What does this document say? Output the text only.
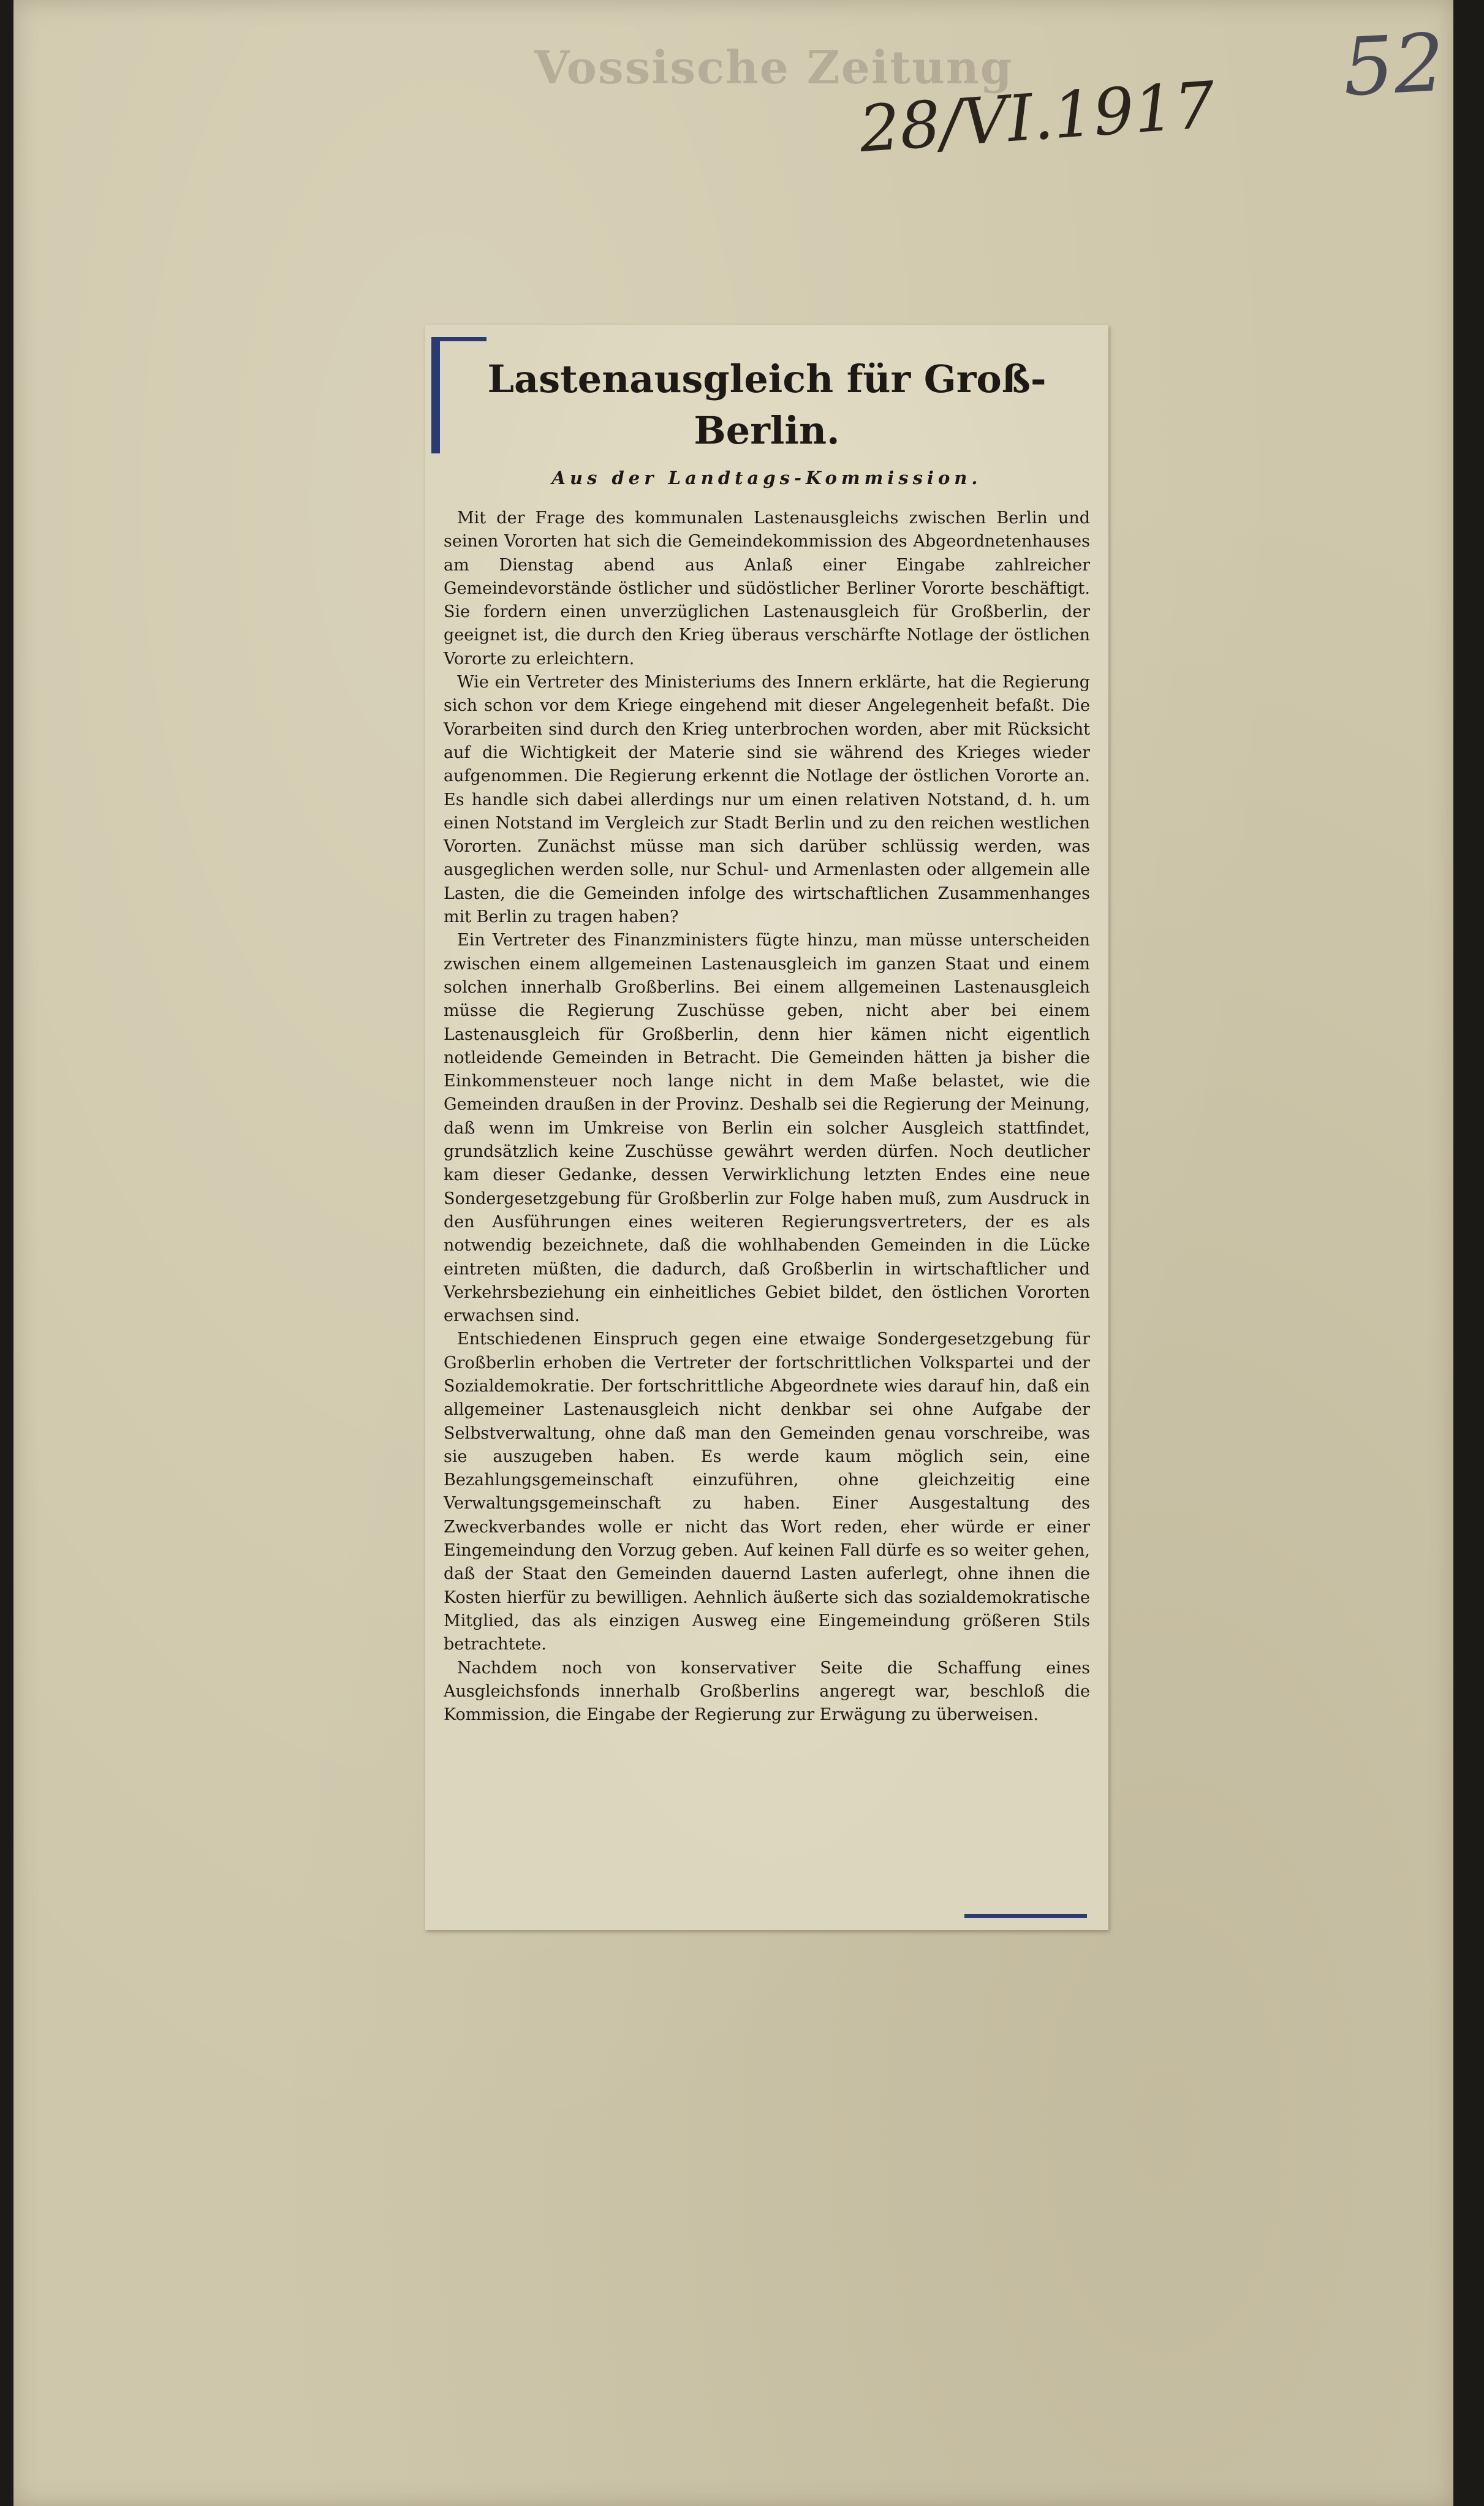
Vossische Zeitung
28/VI.1917
52
Lastenausgleich für Groß-Berlin.
Aus der Landtags-Kommission.

Mit der Frage des kommunalen Lastenausgleichs zwischen Berlin und seinen Vororten hat sich die Gemeindekommission des Abgeordnetenhauses am Dienstag abend aus Anlaß einer Eingabe zahlreicher Gemeindevorstände östlicher und südöstlicher Berliner Vororte beschäftigt. Sie fordern einen unverzüglichen Lastenausgleich für Großberlin, der geeignet ist, die durch den Krieg überaus verschärfte Notlage der östlichen Vororte zu erleichtern.

Wie ein Vertreter des Ministeriums des Innern erklärte, hat die Regierung sich schon vor dem Kriege eingehend mit dieser Angelegenheit befaßt. Die Vorarbeiten sind durch den Krieg unterbrochen worden, aber mit Rücksicht auf die Wichtigkeit der Materie sind sie während des Krieges wieder aufgenommen. Die Regierung erkennt die Notlage der östlichen Vororte an. Es handle sich dabei allerdings nur um einen relativen Notstand, d. h. um einen Notstand im Vergleich zur Stadt Berlin und zu den reichen westlichen Vororten. Zunächst müsse man sich darüber schlüssig werden, was ausgeglichen werden solle, nur Schul- und Armenlasten oder allgemein alle Lasten, die die Gemeinden infolge des wirtschaftlichen Zusammenhanges mit Berlin zu tragen haben?

Ein Vertreter des Finanzministers fügte hinzu, man müsse unterscheiden zwischen einem allgemeinen Lastenausgleich im ganzen Staat und einem solchen innerhalb Großberlins. Bei einem allgemeinen Lastenausgleich müsse die Regierung Zuschüsse geben, nicht aber bei einem Lastenausgleich für Großberlin, denn hier kämen nicht eigentlich notleidende Gemeinden in Betracht. Die Gemeinden hätten ja bisher die Einkommensteuer noch lange nicht in dem Maße belastet, wie die Gemeinden draußen in der Provinz. Deshalb sei die Regierung der Meinung, daß wenn im Umkreise von Berlin ein solcher Ausgleich stattfindet, grundsätzlich keine Zuschüsse gewährt werden dürfen. Noch deutlicher kam dieser Gedanke, dessen Verwirklichung letzten Endes eine neue Sondergesetzgebung für Großberlin zur Folge haben muß, zum Ausdruck in den Ausführungen eines weiteren Regierungsvertreters, der es als notwendig bezeichnete, daß die wohlhabenden Gemeinden in die Lücke eintreten müßten, die dadurch, daß Großberlin in wirtschaftlicher und Verkehrsbeziehung ein einheitliches Gebiet bildet, den östlichen Vororten erwachsen sind.

Entschiedenen Einspruch gegen eine etwaige Sondergesetzgebung für Großberlin erhoben die Vertreter der fortschrittlichen Volkspartei und der Sozialdemokratie. Der fortschrittliche Abgeordnete wies darauf hin, daß ein allgemeiner Lastenausgleich nicht denkbar sei ohne Aufgabe der Selbstverwaltung, ohne daß man den Gemeinden genau vorschreibe, was sie auszugeben haben. Es werde kaum möglich sein, eine Bezahlungsgemeinschaft einzuführen, ohne gleichzeitig eine Verwaltungsgemeinschaft zu haben. Einer Ausgestaltung des Zweckverbandes wolle er nicht das Wort reden, eher würde er einer Eingemeindung den Vorzug geben. Auf keinen Fall dürfe es so weiter gehen, daß der Staat den Gemeinden dauernd Lasten auferlegt, ohne ihnen die Kosten hierfür zu bewilligen. Aehnlich äußerte sich das sozialdemokratische Mitglied, das als einzigen Ausweg eine Eingemeindung größeren Stils betrachtete.

Nachdem noch von konservativer Seite die Schaffung eines Ausgleichsfonds innerhalb Großberlins angeregt war, beschloß die Kommission, die Eingabe der Regierung zur Erwägung zu überweisen.
